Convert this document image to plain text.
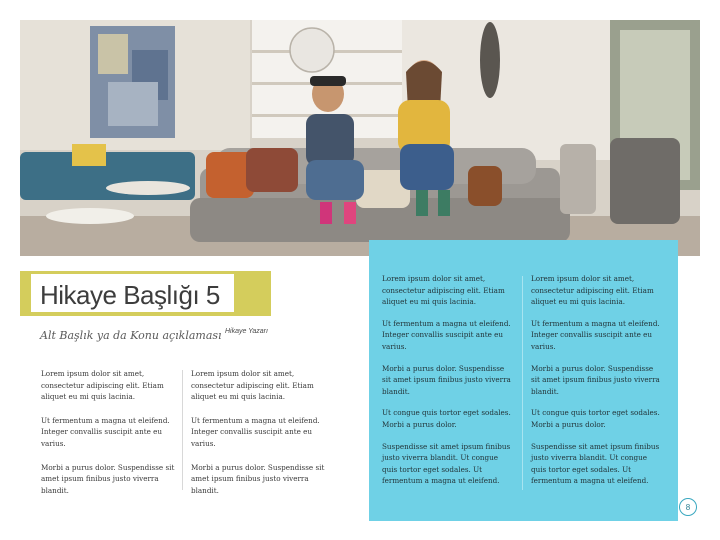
Hikaye Başlığı 5
Alt Başlık ya da Konu açıklaması Hikaye Yazarı

Lorem ipsum dolor sit amet, consectetur adipiscing elit. Etiam aliquet eu mi quis lacinia.

Ut fermentum a magna ut eleifend. Integer convallis suscipit ante eu varius.

Morbi a purus dolor. Suspendisse sit amet ipsum finibus justo viverra blandit.

Lorem ipsum dolor sit amet, consectetur adipiscing elit. Etiam aliquet eu mi quis lacinia.

Ut fermentum a magna ut eleifend. Integer convallis suscipit ante eu varius.

Morbi a purus dolor. Suspendisse sit amet ipsum finibus justo viverra blandit.

Lorem ipsum dolor sit amet, consectetur adipiscing elit. Etiam aliquet eu mi quis lacinia.

Ut fermentum a magna ut eleifend. Integer convallis suscipit ante eu varius.

Morbi a purus dolor. Suspendisse sit amet ipsum finibus justo viverra blandit.

Ut congue quis tortor eget sodales. Morbi a purus dolor.

Suspendisse sit amet ipsum finibus justo viverra blandit. Ut congue quis tortor eget sodales. Ut fermentum a magna ut eleifend.

Lorem ipsum dolor sit amet, consectetur adipiscing elit. Etiam aliquet eu mi quis lacinia.

Ut fermentum a magna ut eleifend. Integer convallis suscipit ante eu varius.

Morbi a purus dolor. Suspendisse sit amet ipsum finibus justo viverra blandit.

Ut congue quis tortor eget sodales. Morbi a purus dolor.

Suspendisse sit amet ipsum finibus justo viverra blandit. Ut congue quis tortor eget sodales. Ut fermentum a magna ut eleifend.

8
